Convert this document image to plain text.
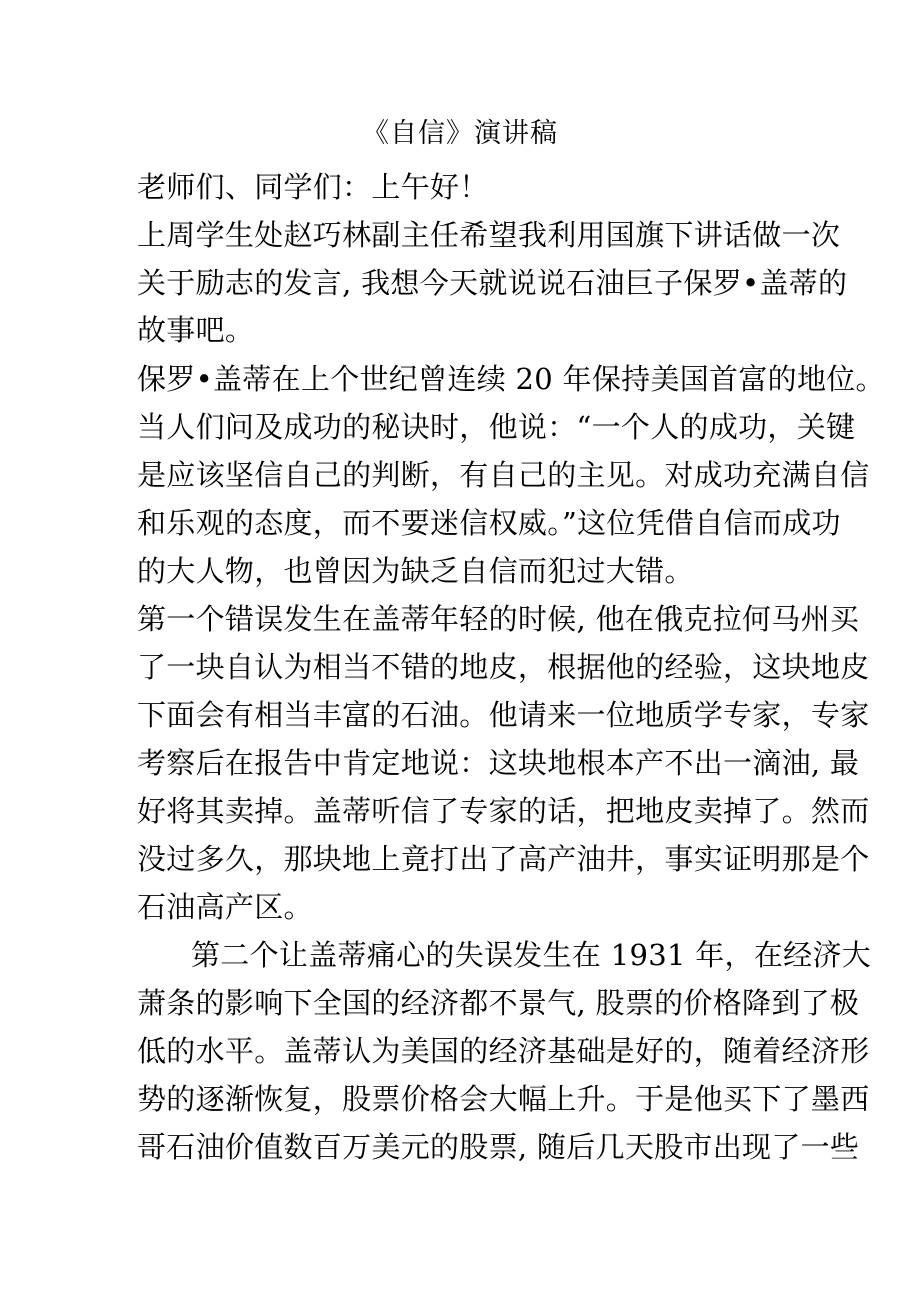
《自信》演讲稿
老师们、同学们：上午好！
上周学生处赵巧林副主任希望我利用国旗下讲话做一次
关于励志的发言, 我想今天就说说石油巨子保罗•盖蒂的
故事吧。
保罗•盖蒂在上个世纪曾连续 20 年保持美国首富的地位。
当人们问及成功的秘诀时，他说：“一个人的成功，关键
是应该坚信自己的判断，有自己的主见。对成功充满自信
和乐观的态度，而不要迷信权威。”这位凭借自信而成功
的大人物，也曾因为缺乏自信而犯过大错。
第一个错误发生在盖蒂年轻的时候, 他在俄克拉何马州买
了一块自认为相当不错的地皮，根据他的经验，这块地皮
下面会有相当丰富的石油。他请来一位地质学专家，专家
考察后在报告中肯定地说：这块地根本产不出一滴油, 最
好将其卖掉。盖蒂听信了专家的话，把地皮卖掉了。然而
没过多久，那块地上竟打出了高产油井，事实证明那是个
石油高产区。
第二个让盖蒂痛心的失误发生在 1931 年，在经济大
萧条的影响下全国的经济都不景气, 股票的价格降到了极
低的水平。盖蒂认为美国的经济基础是好的，随着经济形
势的逐渐恢复，股票价格会大幅上升。于是他买下了墨西
哥石油价值数百万美元的股票, 随后几天股市出现了一些
